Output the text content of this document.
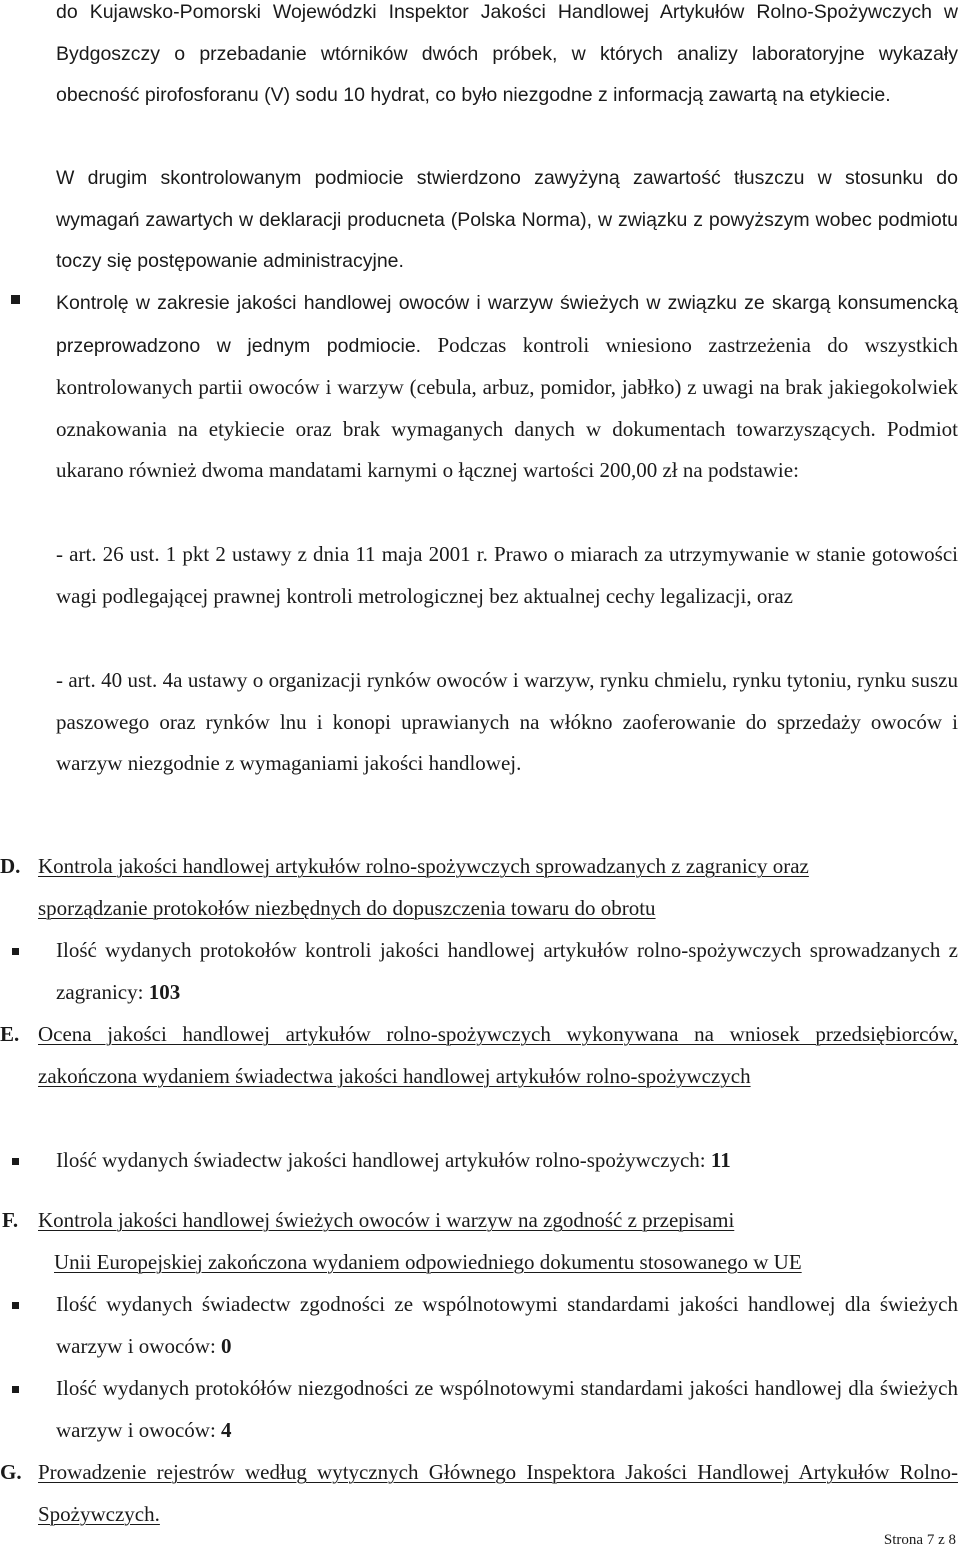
do Kujawsko-Pomorski Wojewódzki Inspektor Jakości Handlowej Artykułów Rolno-Spożywczych w Bydgoszczy o przebadanie wtórników dwóch próbek, w których analizy laboratoryjne wykazały obecność pirofosforanu (V) sodu 10 hydrat, co było niezgodne z informacją zawartą na etykiecie.

W drugim skontrolowanym podmiocie stwierdzono zawyżyną zawartość tłuszczu w stosunku do wymagań zawartych w deklaracji producneta (Polska Norma), w związku z powyższym wobec podmiotu toczy się postępowanie administracyjne.

Kontrolę w zakresie jakości handlowej owoców i warzyw świeżych w związku ze skargą konsumencką przeprowadzono w jednym podmiocie. Podczas kontroli wniesiono zastrzeżenia do wszystkich kontrolowanych partii owoców i warzyw (cebula, arbuz, pomidor, jabłko) z uwagi na brak jakiegokolwiek oznakowania na etykiecie oraz brak wymaganych danych w dokumentach towarzyszących. Podmiot ukarano również dwoma mandatami karnymi o łącznej wartości 200,00 zł na podstawie:

- art. 26 ust. 1 pkt 2 ustawy z dnia 11 maja 2001 r. Prawo o miarach za utrzymywanie w stanie gotowości wagi podlegającej prawnej kontroli metrologicznej bez aktualnej cechy legalizacji, oraz

- art. 40 ust. 4a ustawy o organizacji rynków owoców i warzyw, rynku chmielu, rynku tytoniu, rynku suszu paszowego oraz rynków lnu i konopi uprawianych na włókno zaoferowanie do sprzedaży owoców i warzyw niezgodnie z wymaganiami jakości handlowej.

D. Kontrola jakości handlowej artykułów rolno-spożywczych sprowadzanych z zagranicy oraz
sporządzanie protokołów niezbędnych do dopuszczenia towaru do obrotu

Ilość wydanych protokołów kontroli jakości handlowej artykułów rolno-spożywczych sprowadzanych z zagranicy: 103

E. Ocena jakości handlowej artykułów rolno-spożywczych wykonywana na wniosek przedsiębiorców, zakończona wydaniem świadectwa jakości handlowej artykułów rolno-spożywczych

Ilość wydanych świadectw jakości handlowej artykułów rolno-spożywczych: 11

F. Kontrola jakości handlowej świeżych owoców i warzyw na zgodność z przepisami
Unii Europejskiej zakończona wydaniem odpowiedniego dokumentu stosowanego w UE

Ilość wydanych świadectw zgodności ze wspólnotowymi standardami jakości handlowej dla świeżych warzyw i owoców: 0

Ilość wydanych protokółów niezgodności ze wspólnotowymi standardami jakości handlowej dla świeżych warzyw i owoców: 4

G. Prowadzenie rejestrów według wytycznych Głównego Inspektora Jakości Handlowej Artykułów Rolno-Spożywczych.

Strona 7 z 8
